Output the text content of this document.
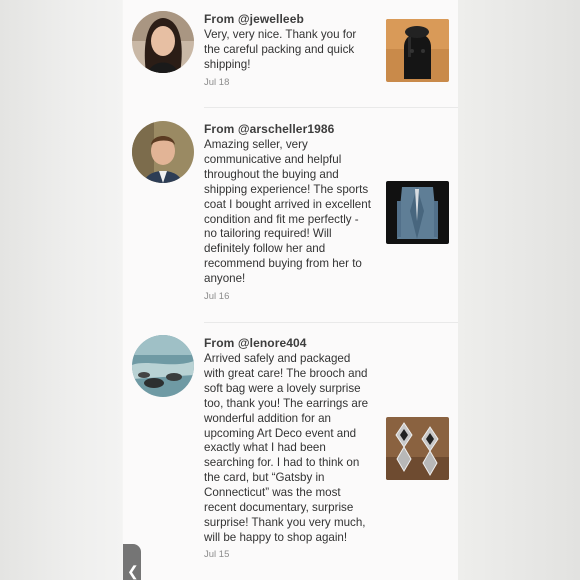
From @jewelleeb
Very, very nice. Thank you for the careful packing and quick shipping!
Jul 18
From @arscheller1986
Amazing seller, very communicative and helpful throughout the buying and shipping experience! The sports coat I bought arrived in excellent condition and fit me perfectly - no tailoring required! Will definitely follow her and recommend buying from her to anyone!
Jul 16
From @lenore404
Arrived safely and packaged with great care! The brooch and soft bag were a lovely surprise too, thank you! The earrings are wonderful addition for an upcoming Art Deco event and exactly what I had been searching for. I had to think on the card, but “Gatsby in Connecticut” was the most recent documentary, surprise surprise! Thank you very much, will be happy to shop again!
Jul 15
❮
